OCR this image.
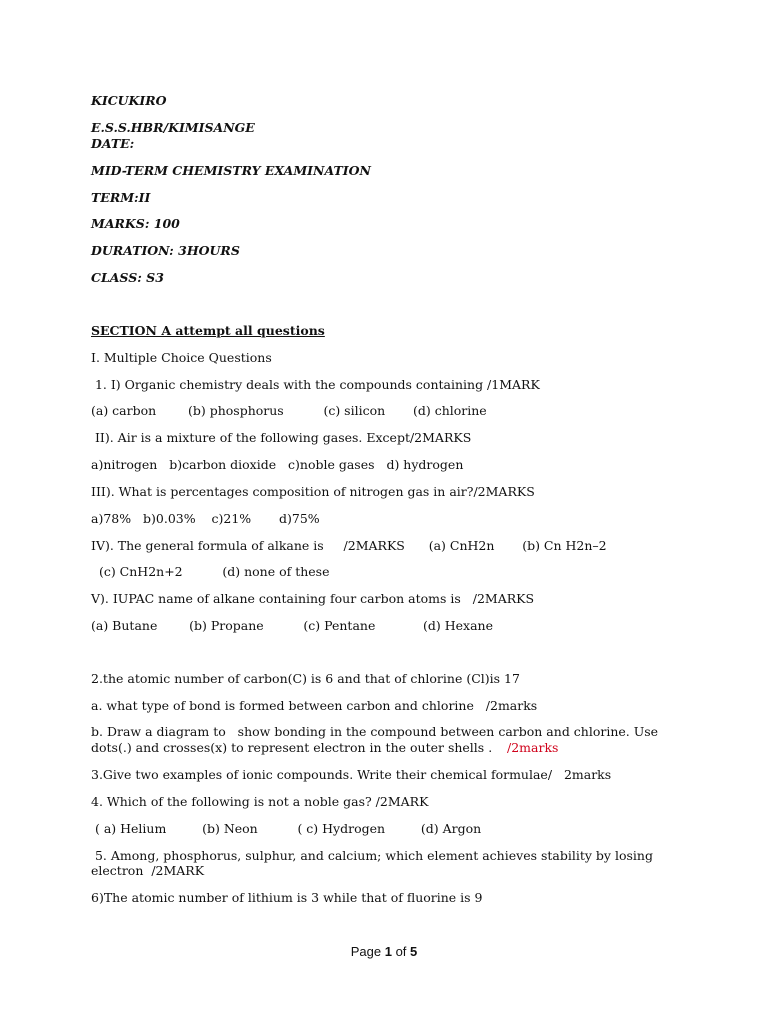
KICUKIRO
E.S.S.HBR/KIMISANGE
DATE:
MID-TERM CHEMISTRY EXAMINATION
TERM:II
MARKS: 100
DURATION: 3HOURS
CLASS: S3
SECTION A attempt all questions
I. Multiple Choice Questions
1. I) Organic chemistry deals with the compounds containing /1MARK
(a) carbon        (b) phosphorus          (c) silicon       (d) chlorine
II). Air is a mixture of the following gases. Except/2MARKS
a)nitrogen   b)carbon dioxide   c)noble gases   d) hydrogen
III). What is percentages composition of nitrogen gas in air?/2MARKS
a)78%   b)0.03%    c)21%       d)75%
IV). The general formula of alkane is     /2MARKS      (a) CnH2n       (b) Cn H2n–2
(c) CnH2n+2          (d) none of these
V). IUPAC name of alkane containing four carbon atoms is   /2MARKS
(a) Butane        (b) Propane          (c) Pentane            (d) Hexane
2.the atomic number of carbon(C) is 6 and that of chlorine (Cl)is 17
a. what type of bond is formed between carbon and chlorine   /2marks
b. Draw a diagram to   show bonding in the compound between carbon and chlorine. Use
dots(.) and crosses(x) to represent electron in the outer shells . /2marks
3.Give two examples of ionic compounds. Write their chemical formulae/   2marks
4. Which of the following is not a noble gas? /2MARK
( a) Helium         (b) Neon          ( c) Hydrogen         (d) Argon
5. Among, phosphorus, sulphur, and calcium; which element achieves stability by losing
electron  /2MARK
6)The atomic number of lithium is 3 while that of fluorine is 9
Page 1 of 5
